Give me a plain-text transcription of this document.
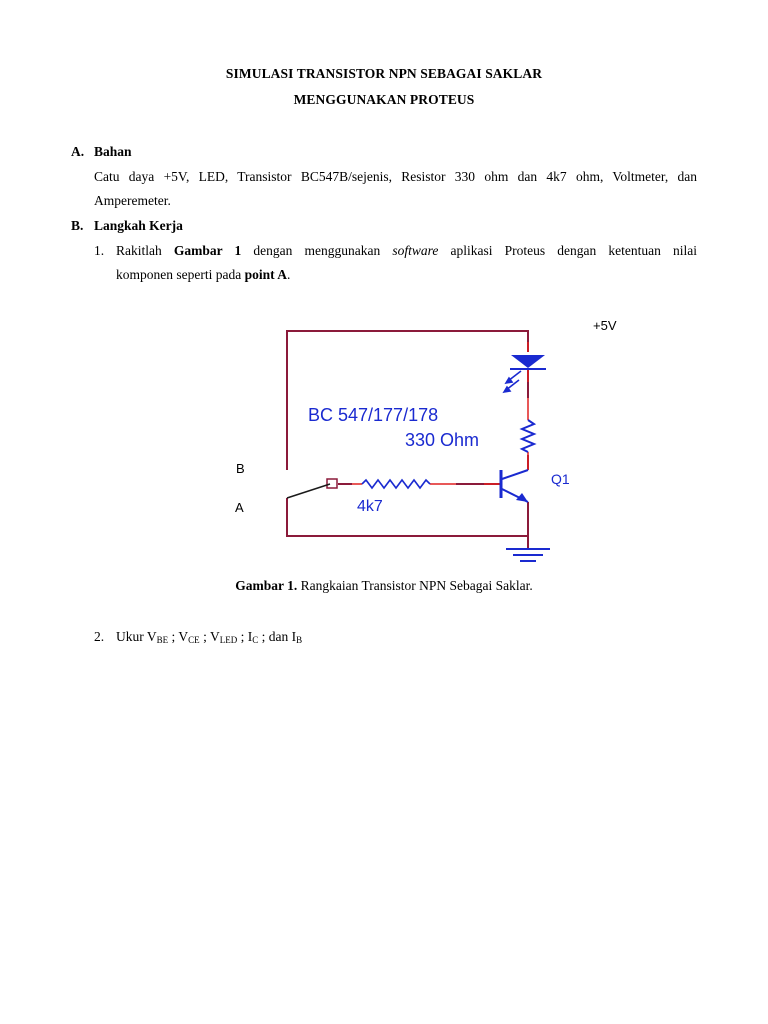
SIMULASI TRANSISTOR NPN SEBAGAI SAKLAR
MENGGUNAKAN PROTEUS
A. Bahan
Catu daya +5V, LED, Transistor BC547B/sejenis, Resistor 330 ohm dan 4k7 ohm, Voltmeter, dan
Amperemeter.
B. Langkah Kerja
1. Rakitlah Gambar 1 dengan menggunakan software aplikasi Proteus dengan ketentuan nilai
komponen seperti pada point A.
+5V
BC 547/177/178
330 Ohm
4k7
Q1
B
A
Gambar 1. Rangkaian Transistor NPN Sebagai Saklar.
2. Ukur $V_{BE}$ ; $V_{CE}$ ; $V_{LED}$ ; $I_C$ ; dan $I_B$
